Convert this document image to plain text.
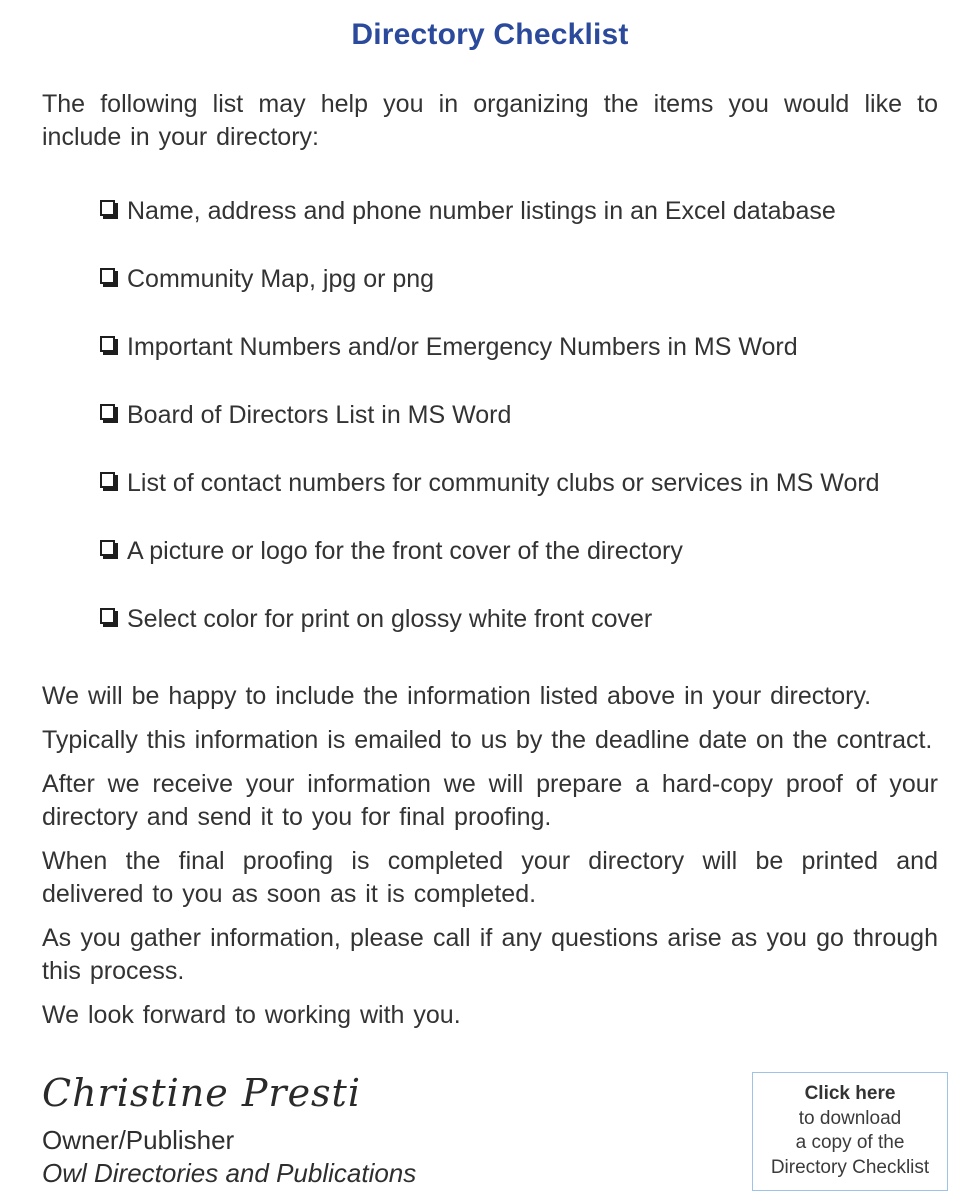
Directory Checklist

The following list may help you in organizing the items you would like to include in your directory:

Name, address and phone number listings in an Excel database
Community Map, jpg or png
Important Numbers and/or Emergency Numbers in MS Word
Board of Directors List in MS Word
List of contact numbers for community clubs or services in MS Word
A picture or logo for the front cover of the directory
Select color for print on glossy white front cover

We will be happy to include the information listed above in your directory.

Typically this information is emailed to us by the deadline date on the contract.

After we receive your information we will prepare a hard-copy proof of your directory and send it to you for final proofing.

When the final proofing is completed your directory will be printed and delivered to you as soon as it is completed.

As you gather information, please call if any questions arise as you go through this process.

We look forward to working with you.

Christine Presti
Owner/Publisher
Owl Directories and Publications
Click here
to download
a copy of the
Directory Checklist
